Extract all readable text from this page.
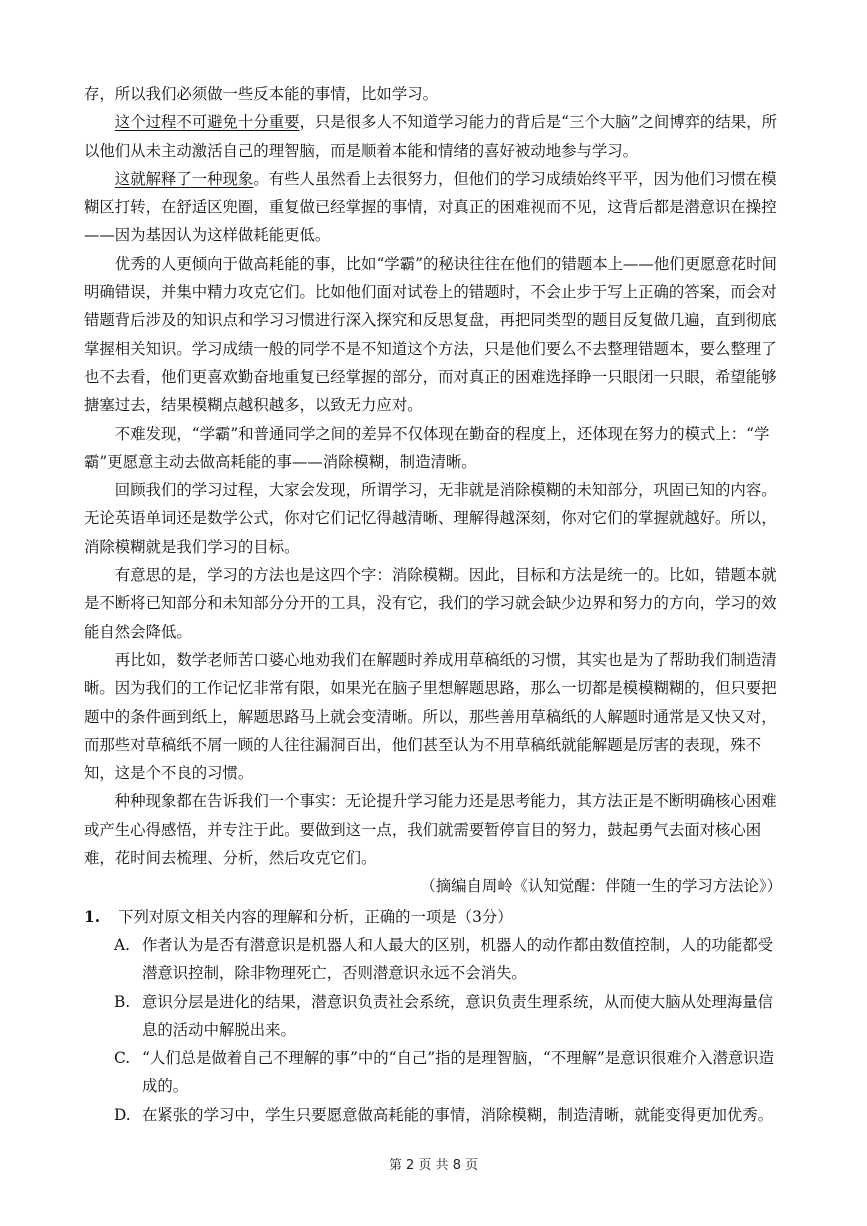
存，所以我们必须做一些反本能的事情，比如学习。

这个过程不可避免十分重要，只是很多人不知道学习能力的背后是“三个大脑”之间博弈的结果，所以他们从未主动激活自己的理智脑，而是顺着本能和情绪的喜好被动地参与学习。

这就解释了一种现象。有些人虽然看上去很努力，但他们的学习成绩始终平平，因为他们习惯在模糊区打转，在舒适区兜圈，重复做已经掌握的事情，对真正的困难视而不见，这背后都是潜意识在操控——因为基因认为这样做耗能更低。

优秀的人更倾向于做高耗能的事，比如“学霸”的秘诀往往在他们的错题本上——他们更愿意花时间明确错误，并集中精力攻克它们。比如他们面对试卷上的错题时，不会止步于写上正确的答案，而会对错题背后涉及的知识点和学习习惯进行深入探究和反思复盘，再把同类型的题目反复做几遍，直到彻底掌握相关知识。学习成绩一般的同学不是不知道这个方法，只是他们要么不去整理错题本，要么整理了也不去看，他们更喜欢勤奋地重复已经掌握的部分，而对真正的困难选择睁一只眼闭一只眼，希望能够搪塞过去，结果模糊点越积越多，以致无力应对。

不难发现，“学霸”和普通同学之间的差异不仅体现在勤奋的程度上，还体现在努力的模式上：“学霸”更愿意主动去做高耗能的事——消除模糊，制造清晰。

回顾我们的学习过程，大家会发现，所谓学习，无非就是消除模糊的未知部分，巩固已知的内容。无论英语单词还是数学公式，你对它们记忆得越清晰、理解得越深刻，你对它们的掌握就越好。所以，消除模糊就是我们学习的目标。

有意思的是，学习的方法也是这四个字：消除模糊。因此，目标和方法是统一的。比如，错题本就是不断将已知部分和未知部分分开的工具，没有它，我们的学习就会缺少边界和努力的方向，学习的效能自然会降低。

再比如，数学老师苦口婆心地劝我们在解题时养成用草稿纸的习惯，其实也是为了帮助我们制造清晰。因为我们的工作记忆非常有限，如果光在脑子里想解题思路，那么一切都是模模糊糊的，但只要把题中的条件画到纸上，解题思路马上就会变清晰。所以，那些善用草稿纸的人解题时通常是又快又对，而那些对草稿纸不屑一顾的人往往漏洞百出，他们甚至认为不用草稿纸就能解题是厉害的表现，殊不知，这是个不良的习惯。

种种现象都在告诉我们一个事实：无论提升学习能力还是思考能力，其方法正是不断明确核心困难或产生心得感悟，并专注于此。要做到这一点，我们就需要暂停盲目的努力，鼓起勇气去面对核心困难，花时间去梳理、分析，然后攻克它们。

（摘编自周岭《认知觉醒：伴随一生的学习方法论》）

1. 下列对原文相关内容的理解和分析，正确的一项是（3分）
A. 作者认为是否有潜意识是机器人和人最大的区别，机器人的动作都由数值控制，人的功能都受潜意识控制，除非物理死亡，否则潜意识永远不会消失。
B. 意识分层是进化的结果，潜意识负责社会系统，意识负责生理系统，从而使大脑从处理海量信息的活动中解脱出来。
C. “人们总是做着自己不理解的事”中的“自己”指的是理智脑，“不理解”是意识很难介入潜意识造成的。
D. 在紧张的学习中，学生只要愿意做高耗能的事情，消除模糊，制造清晰，就能变得更加优秀。
第 2 页 共 8 页
